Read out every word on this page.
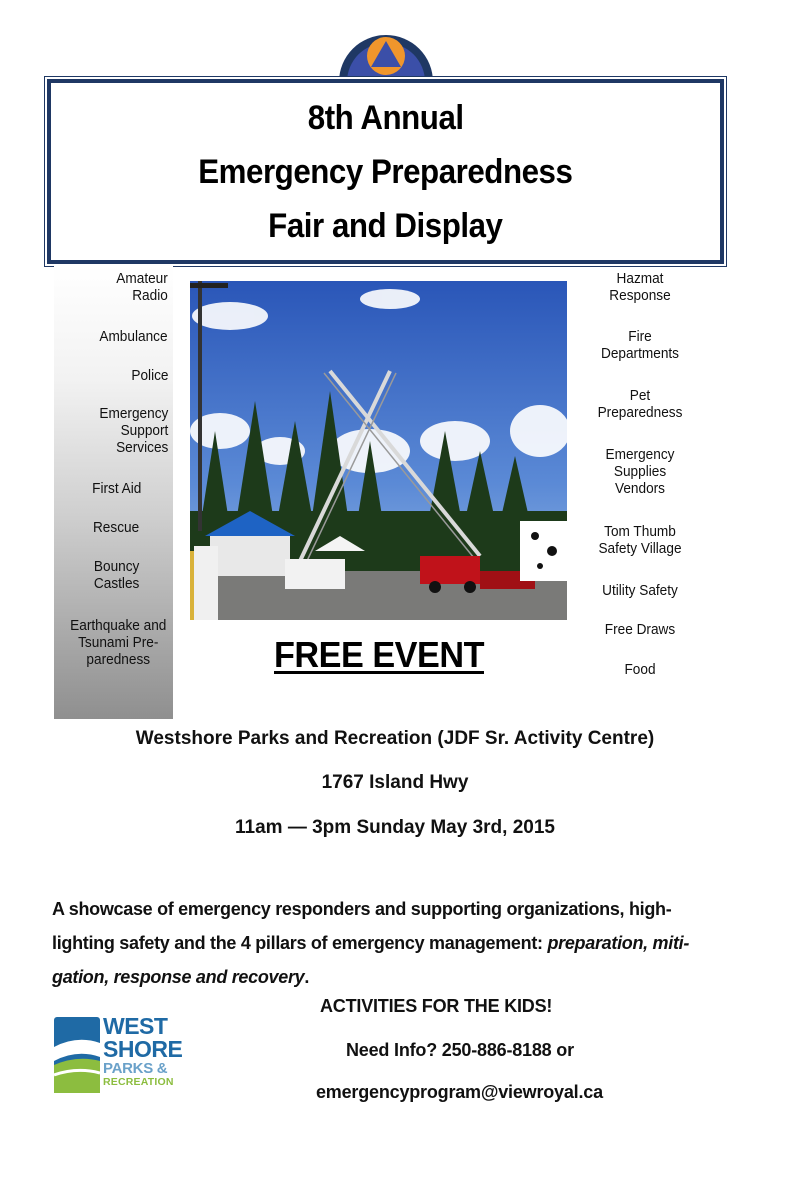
8th Annual
Emergency Preparedness
Fair and Display
Amateur
Radio
Ambulance
Police
Emergency
Support
Services
First Aid
Rescue
Bouncy
Castles
Earthquake and
Tsunami Pre-
paredness
Hazmat
Response
Fire
Departments
Pet
Preparedness
Emergency
Supplies
Vendors
Tom Thumb
Safety Village
Utility Safety
Free Draws
Food
FREE EVENT
Westshore Parks and Recreation (JDF Sr. Activity Centre)
1767 Island Hwy
11am — 3pm Sunday May 3rd, 2015
A showcase of emergency responders and supporting organizations, high-
lighting safety and the 4 pillars of emergency management: preparation, miti-
gation, response and recovery.
ACTIVITIES FOR THE KIDS!
Need Info? 250-886-8188 or
emergencyprogram@viewroyal.ca
WEST
SHORE
PARKS &
RECREATION
